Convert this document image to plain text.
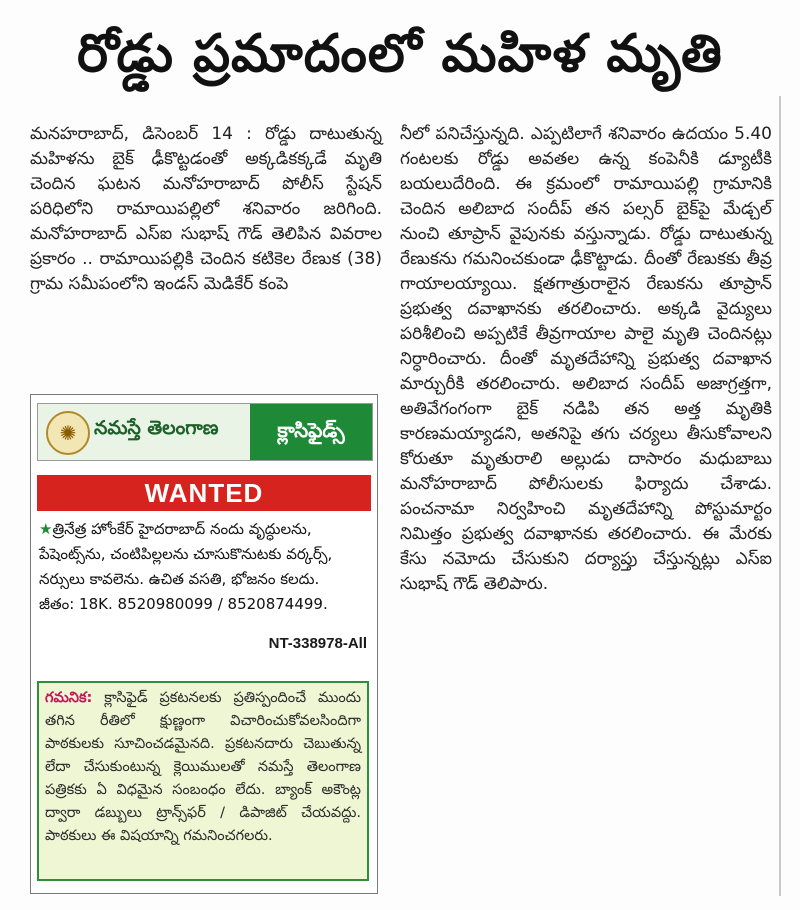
రోడ్డు ప్రమాదంలో మహిళ మృతి

మనహరాబాద్, డిసెంబర్ 14 : రోడ్డు దాటుతున్న మహిళను బైక్ ఢీకొట్టడంతో అక్కడికక్కడే మృతి చెందిన ఘటన మనోహరాబాద్ పోలీస్ స్టేషన్ పరిధిలోని రామాయిపల్లిలో శనివారం జరిగింది. మనోహరాబాద్ ఎస్‌ఐ సుభాష్ గౌడ్ తెలిపిన వివరాల ప్రకారం .. రామాయిపల్లికి చెందిన కటికెల రేణుక (38) గ్రామ సమీపంలోని ఇండస్ మెడికేర్ కంపె

నీలో పనిచేస్తున్నది. ఎప్పటిలాగే శనివారం ఉదయం 5.40 గంటలకు రోడ్డు అవతల ఉన్న కంపెనీకి డ్యూటీకి బయలుదేరింది. ఈ క్రమంలో రామాయిపల్లి గ్రామానికి చెందిన అలిబాద సందీప్ తన పల్సర్ బైక్‌పై మేడ్చల్ నుంచి తూప్రాన్ వైపునకు వస్తున్నాడు. రోడ్డు దాటుతున్న రేణుకను గమనించకుండా ఢీకొట్టాడు. దీంతో రేణుకకు తీవ్ర గాయాలయ్యాయి. క్షతగాత్రురాలైన రేణుకను తూప్రాన్ ప్రభుత్వ దవాఖానకు తరలించారు. అక్కడి వైద్యులు పరిశీలించి అప్పటికే తీవ్రగాయాల పాలై మృతి చెందినట్లు నిర్ధారించారు. దీంతో మృతదేహాన్ని ప్రభుత్వ దవాఖాన మార్చురీకి తరలించారు. అలిబాద సందీప్ అజాగ్రత్తగా, అతివేగంగంగా బైక్ నడిపి తన అత్త మృతికి కారణమయ్యాడని, అతనిపై తగు చర్యలు తీసుకోవాలని కోరుతూ మృతురాలి అల్లుడు దాసారం మధుబాబు మనోహరాబాద్ పోలీసులకు ఫిర్యాదు చేశాడు. పంచనామా నిర్వహించి మృతదేహాన్ని పోస్టుమార్టం నిమిత్తం ప్రభుత్వ దవాఖానకు తరలించారు. ఈ మేరకు కేసు నమోదు చేసుకుని దర్యాప్తు చేస్తున్నట్లు ఎస్‌ఐ సుభాష్ గౌడ్ తెలిపారు.

✺ నమస్తే తెలంగాణ	క్లాసిఫైడ్స్
WANTED

★త్రినేత్ర హోంకేర్ హైదరాబాద్ నందు వృద్ధులను,

పేషెంట్స్‌ను, చంటిపిల్లలను చూసుకొనుటకు వర్కర్స్,

నర్సులు కావలెను. ఉచిత వసతి, భోజనం కలదు.

జీతం: 18K. 8520980099 / 8520874499.

NT-338978-All
గమనిక: క్లాసిఫైడ్ ప్రకటనలకు ప్రతిస్పందించే ముందు తగిన రీతిలో క్షుణ్ణంగా విచారించుకోవలసిందిగా పాఠకులకు సూచించడమైనది. ప్రకటనదారు చెబుతున్న లేదా చేసుకుంటున్న క్లెయిములతో నమస్తే తెలంగాణ పత్రికకు ఏ విధమైన సంబంధం లేదు. బ్యాంక్ అకౌంట్ల ద్వారా డబ్బులు ట్రాన్స్‌ఫర్ / డిపాజిట్ చేయవద్దు. పాఠకులు ఈ విషయాన్ని గమనించగలరు.
